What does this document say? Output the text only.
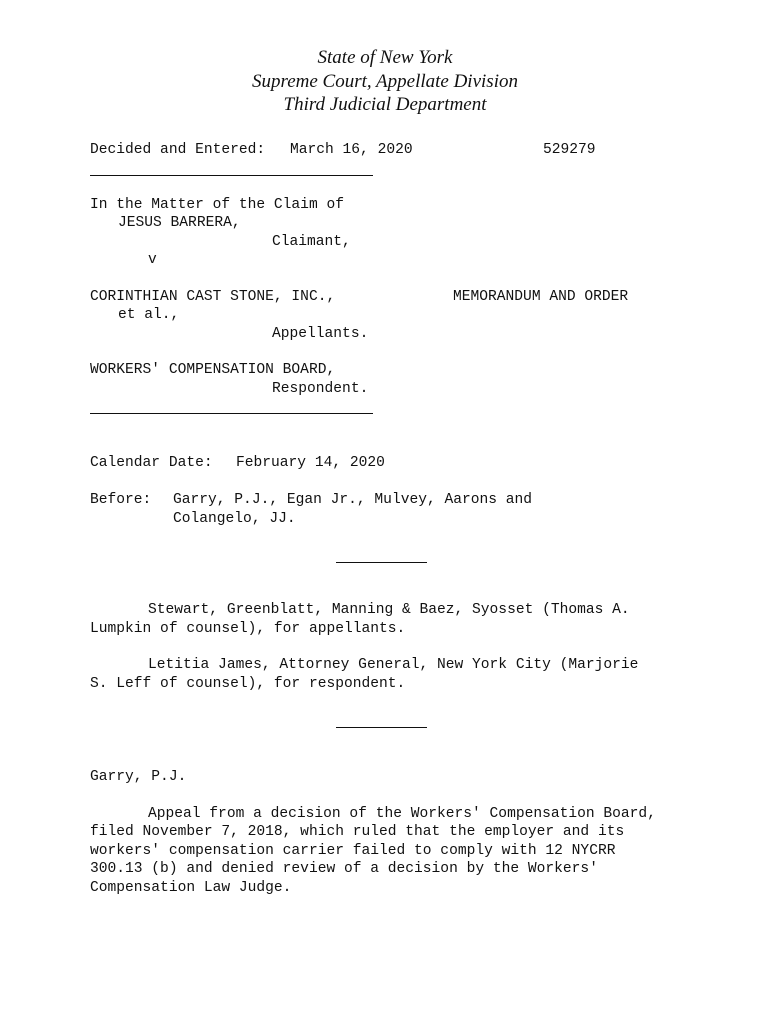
State of New York
Supreme Court, Appellate Division
Third Judicial Department
Decided and Entered: March 16, 2020	529279
In the Matter of the Claim of
JESUS BARRERA,
Claimant,
v
CORINTHIAN CAST STONE, INC.,	MEMORANDUM AND ORDER
et al.,
Appellants.
WORKERS' COMPENSATION BOARD,
Respondent.
Calendar Date: February 14, 2020
Before: Garry, P.J., Egan Jr., Mulvey, Aarons and
Colangelo, JJ.
Stewart, Greenblatt, Manning & Baez, Syosset (Thomas A.
Lumpkin of counsel), for appellants.
Letitia James, Attorney General, New York City (Marjorie
S. Leff of counsel), for respondent.
Garry, P.J.
Appeal from a decision of the Workers' Compensation Board,
filed November 7, 2018, which ruled that the employer and its
workers' compensation carrier failed to comply with 12 NYCRR
300.13 (b) and denied review of a decision by the Workers'
Compensation Law Judge.
